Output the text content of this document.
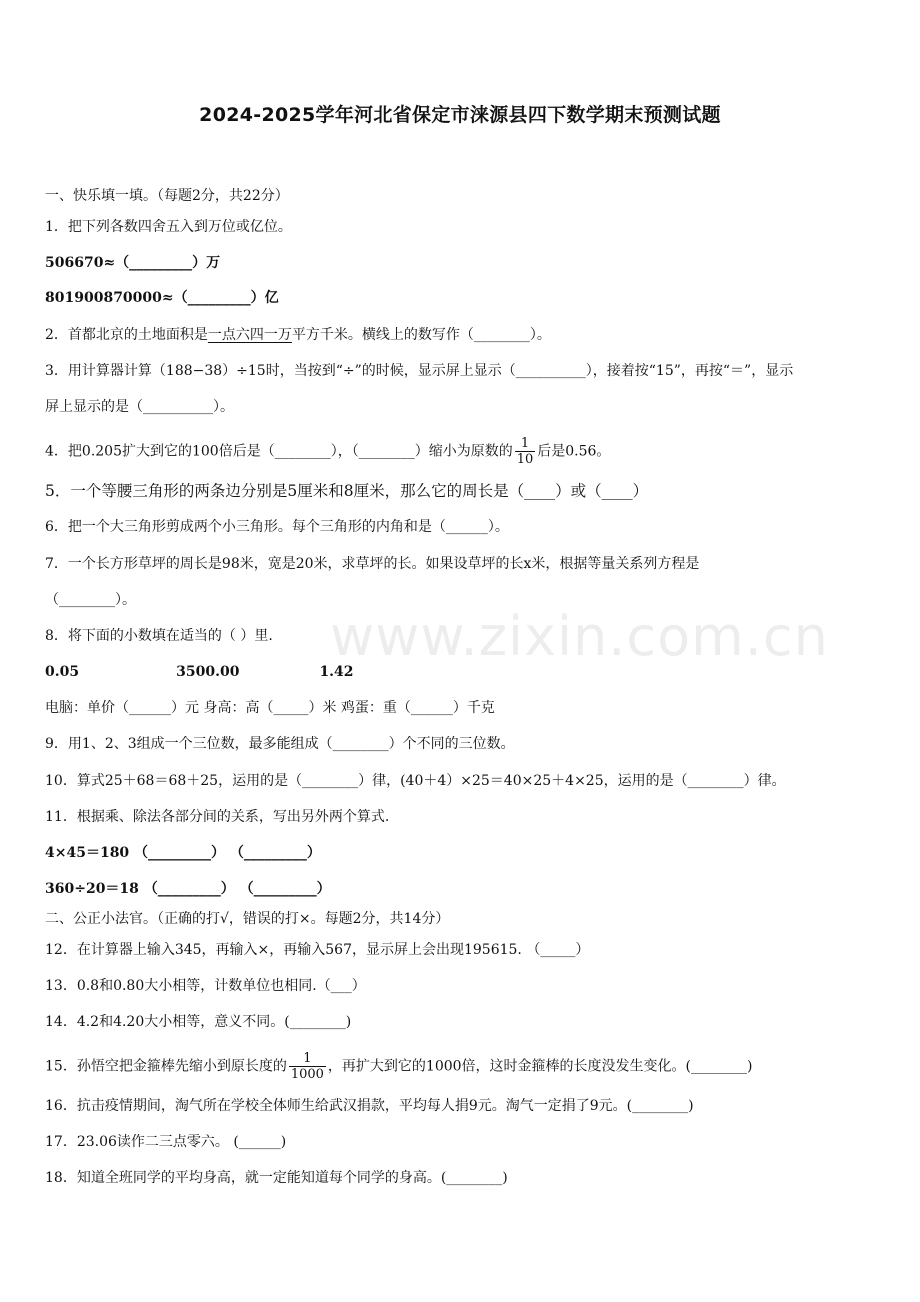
www.zixin.com.cn
2024-2025学年河北省保定市涞源县四下数学期末预测试题
一、快乐填一填。（每题2分，共22分）
1．把下列各数四舍五入到万位或亿位。
506670≈（_________）万
801900870000≈（_________）亿
2．首都北京的土地面积是一点六四一万平方千米。横线上的数写作（________）。
3．用计算器计算（188−38）÷15时，当按到“÷”的时候，显示屏上显示（__________），接着按“15”，再按“＝”，显示
屏上显示的是（__________）。
4．把0.205扩大到它的100倍后是（________），（________）缩小为原数的 $\frac{1}{10}$ 后是0.56。
5．一个等腰三角形的两条边分别是5厘米和8厘米，那么它的周长是（____）或（____）
6．把一个大三角形剪成两个小三角形。每个三角形的内角和是（______）。
7．一个长方形草坪的周长是98米，宽是20米，求草坪的长。如果设草坪的长x米，根据等量关系列方程是
（________）。
8．将下面的小数填在适当的（ ）里.
0.05	3500.00	1.42
电脑：单价（______）元 身高：高（_____）米 鸡蛋：重（______）千克
9．用1、2、3组成一个三位数，最多能组成（________）个不同的三位数。
10．算式25＋68＝68＋25，运用的是（________）律，(40＋4）×25＝40×25＋4×25，运用的是（________）律。
11．根据乘、除法各部分间的关系，写出另外两个算式.
4×45＝180 （_________） （_________）
360÷20＝18 （_________） （_________）
二、公正小法官。（正确的打√，错误的打×。每题2分，共14分）
12．在计算器上输入345，再输入×，再输入567，显示屏上会出现195615. （_____）
13．0.8和0.80大小相等，计数单位也相同.（___）
14．4.2和4.20大小相等，意义不同。(________)
15．孙悟空把金箍棒先缩小到原长度的 $\frac{1}{1000}$ ，再扩大到它的1000倍，这时金箍棒的长度没发生变化。(________)
16．抗击疫情期间，淘气所在学校全体师生给武汉捐款，平均每人捐9元。淘气一定捐了9元。(________)
17．23.06读作二三点零六。 (______)
18．知道全班同学的平均身高，就一定能知道每个同学的身高。(________)
